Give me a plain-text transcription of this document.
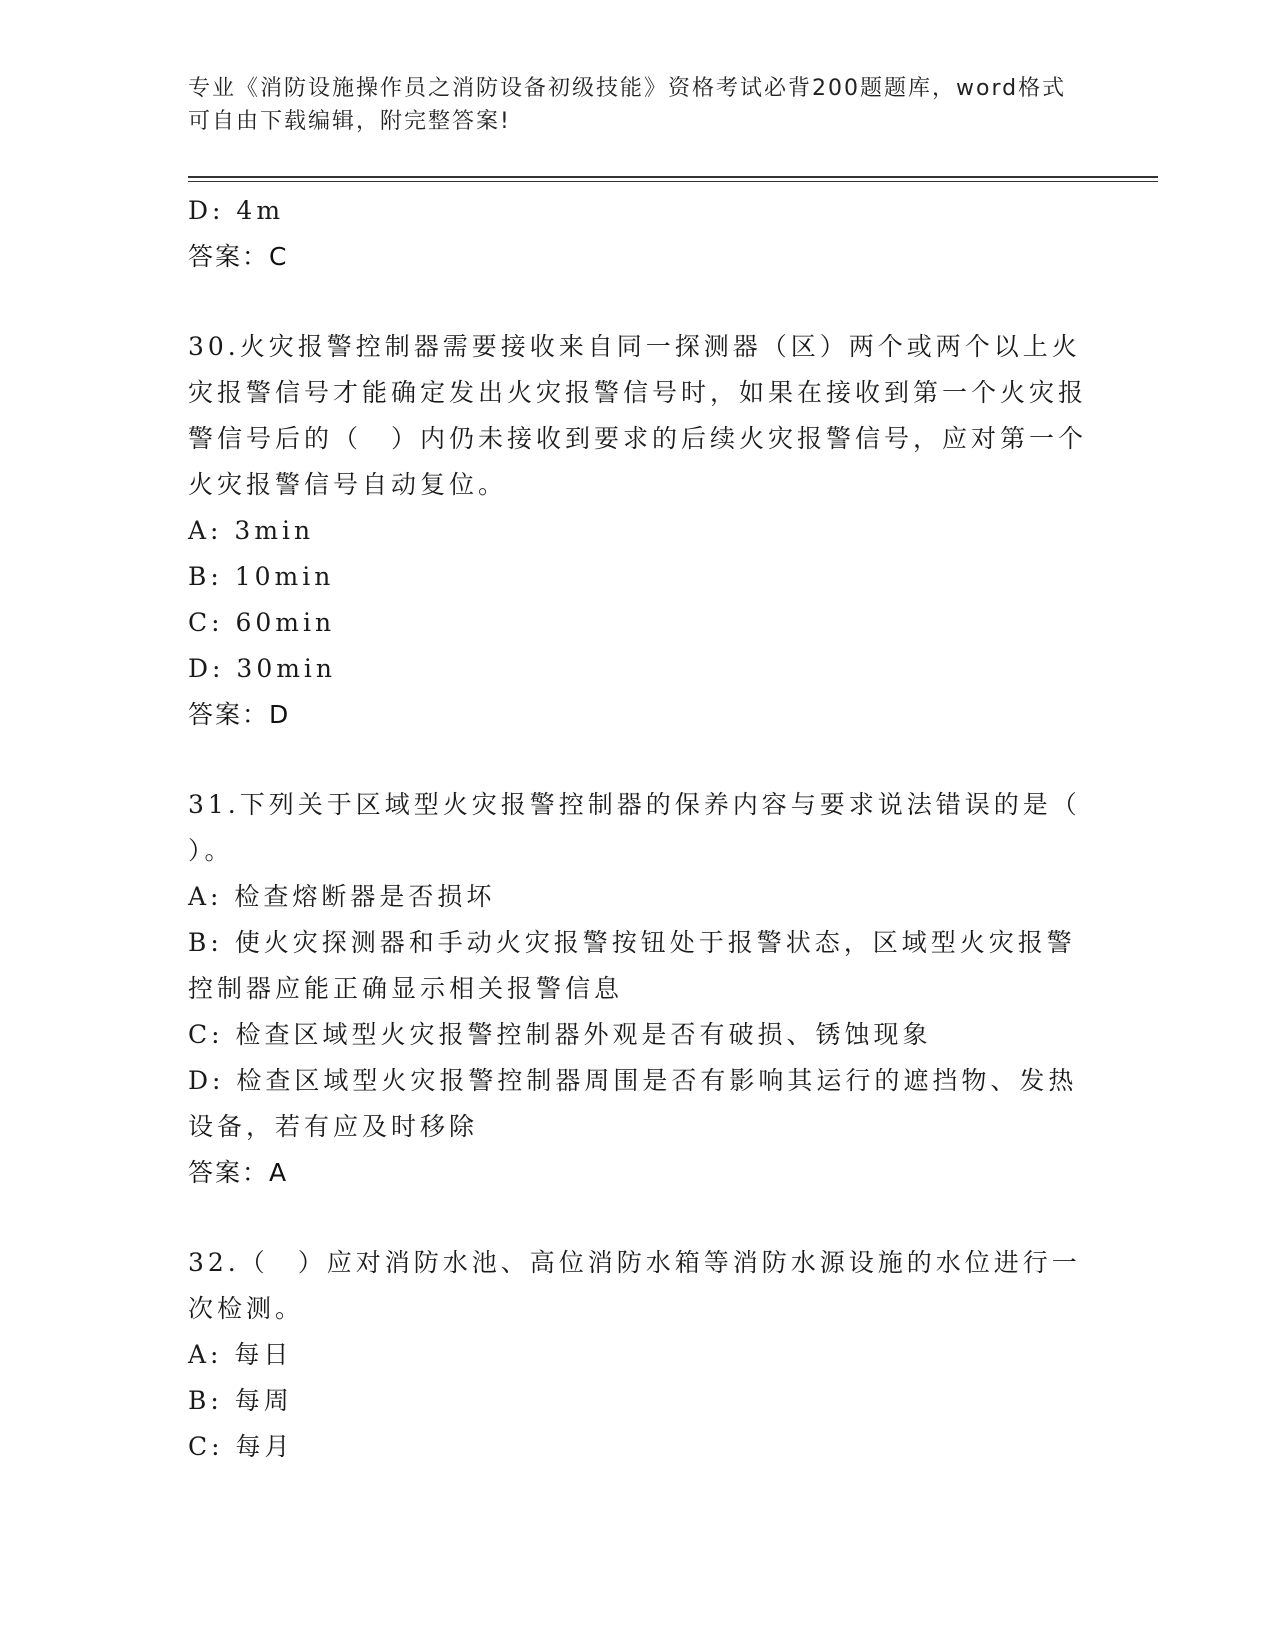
专业《消防设施操作员之消防设备初级技能》资格考试必背200题题库，word格式可自由下载编辑，附完整答案!
D: 4m
答案：C
30.火灾报警控制器需要接收来自同一探测器（区）两个或两个以上火灾报警信号才能确定发出火灾报警信号时，如果在接收到第一个火灾报警信号后的（　）内仍未接收到要求的后续火灾报警信号，应对第一个火灾报警信号自动复位。
A: 3min
B: 10min
C: 60min
D: 30min
答案：D
31.下列关于区域型火灾报警控制器的保养内容与要求说法错误的是（ ）。
A: 检查熔断器是否损坏
B: 使火灾探测器和手动火灾报警按钮处于报警状态，区域型火灾报警控制器应能正确显示相关报警信息
C: 检查区域型火灾报警控制器外观是否有破损、锈蚀现象
D: 检查区域型火灾报警控制器周围是否有影响其运行的遮挡物、发热设备，若有应及时移除
答案：A
32.（　）应对消防水池、高位消防水箱等消防水源设施的水位进行一次检测。
A: 每日
B: 每周
C: 每月
